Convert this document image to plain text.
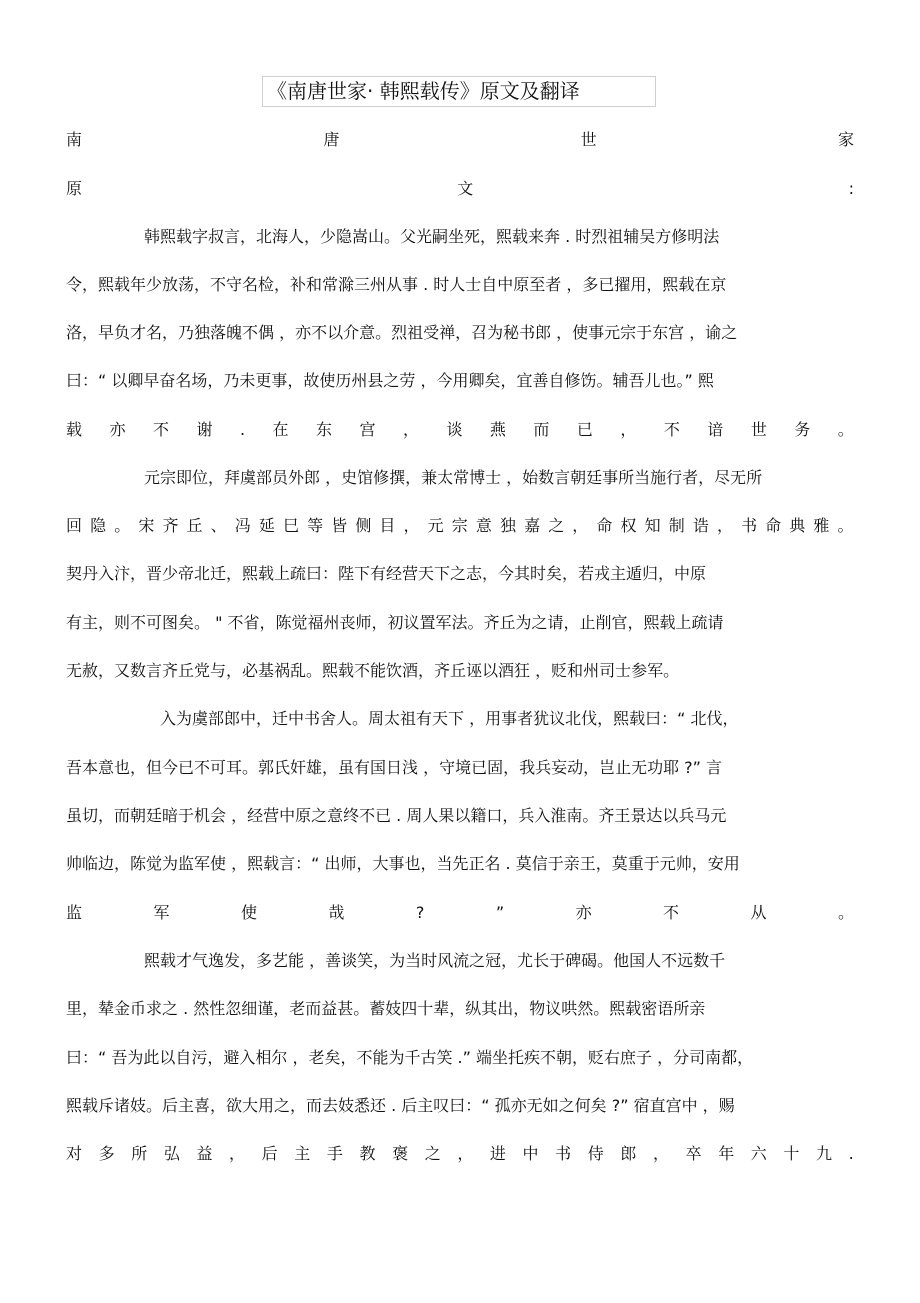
《南唐世家· 韩熙载传》原文及翻译
南	唐	世	家
原	文	:
韩熙载字叔言，北海人，少隐嵩山。父光嗣坐死，熙载来奔 . 时烈祖辅吴方修明法
令，熙载年少放荡，不守名检，补和常滁三州从事 . 时人士自中原至者 ，多已擢用，熙载在京
洛，早负才名，乃独落魄不偶 ，亦不以介意。烈祖受禅，召为秘书郎 ，使事元宗于东宫 ，谕之
曰：“ 以卿早奋名场，乃未更事，故使历州县之劳 ，今用卿矣，宜善自修饬。辅吾儿也。” 熙
载 亦 不 谢 . 在 东 宫 ， 谈 燕 而 已 ， 不 谙 世 务 。
元宗即位，拜虞部员外郎 ，史馆修撰，兼太常博士 ，始数言朝廷事所当施行者，尽无所
回 隐 。 宋 齐 丘 、 冯 延 巳 等 皆 侧 目 ， 元 宗 意 独 嘉 之 ， 命 权 知 制 诰 ， 书 命 典 雅 。
契丹入汴，晋少帝北迁，熙载上疏曰：陛下有经营天下之志，今其时矣，若戎主遁归，中原
有主，则不可图矣。 " 不省，陈觉福州丧师，初议置军法。齐丘为之请，止削官，熙载上疏请
无赦，又数言齐丘党与，必基祸乱。熙载不能饮酒，齐丘诬以酒狂 ，贬和州司士参军。
入为虞部郎中，迁中书舍人。周太祖有天下 ，用事者犹议北伐，熙载曰：“ 北伐，
吾本意也，但今已不可耳。郭氏奸雄，虽有国日浅 ，守境已固，我兵妄动，岂止无功耶 ?” 言
虽切，而朝廷暗于机会 ，经营中原之意终不已 . 周人果以籍口，兵入淮南。齐王景达以兵马元
帅临边，陈觉为监军使 ，熙载言：“ 出师，大事也，当先正名 . 莫信于亲王，莫重于元帅，安用
监	军	使	哉	?	”	亦	不	从	。
熙载才气逸发，多艺能 ，善谈笑，为当时风流之冠，尤长于碑碣。他国人不远数千
里，辇金币求之 . 然性忽细谨，老而益甚。蓄妓四十辈，纵其出，物议哄然。熙载密语所亲
曰：“ 吾为此以自污，避入相尔 ，老矣，不能为千古笑 .” 端坐托疾不朝，贬右庶子 ，分司南都，
熙载斥诸妓。后主喜，欲大用之，而去妓悉还 . 后主叹曰：“ 孤亦无如之何矣 ?” 宿直宫中 ，赐
对 多 所 弘 益 ， 后 主 手 教 褒 之 ， 进 中 书 侍 郎 ， 卒 年 六 十 九 .
